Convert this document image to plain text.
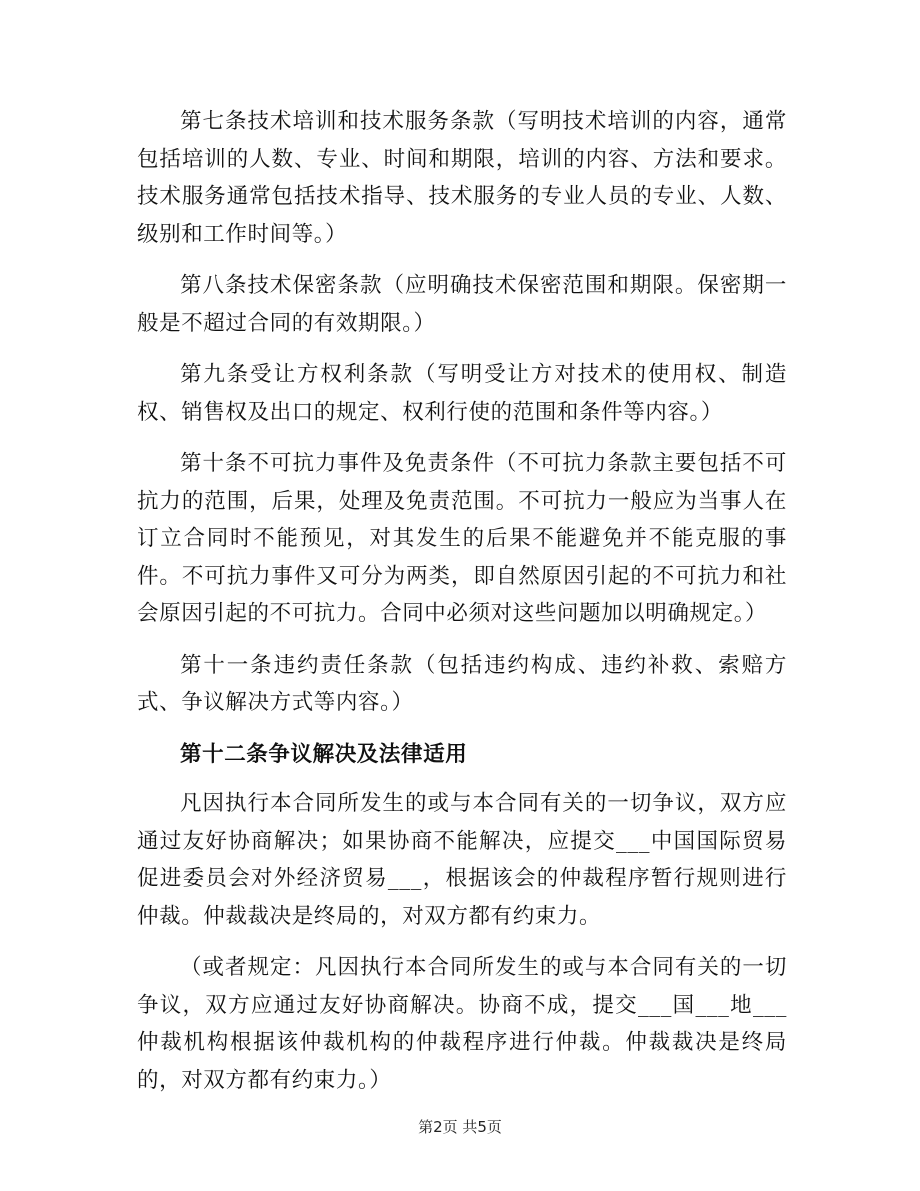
第七条技术培训和技术服务条款（写明技术培训的内容，通常包括培训的人数、专业、时间和期限，培训的内容、方法和要求。技术服务通常包括技术指导、技术服务的专业人员的专业、人数、级别和工作时间等。）

第八条技术保密条款（应明确技术保密范围和期限。保密期一般是不超过合同的有效期限。）

第九条受让方权利条款（写明受让方对技术的使用权、制造权、销售权及出口的规定、权利行使的范围和条件等内容。）

第十条不可抗力事件及免责条件（不可抗力条款主要包括不可抗力的范围，后果，处理及免责范围。不可抗力一般应为当事人在订立合同时不能预见，对其发生的后果不能避免并不能克服的事件。不可抗力事件又可分为两类，即自然原因引起的不可抗力和社会原因引起的不可抗力。合同中必须对这些问题加以明确规定。）

第十一条违约责任条款（包括违约构成、违约补救、索赔方式、争议解决方式等内容。）

第十二条争议解决及法律适用

凡因执行本合同所发生的或与本合同有关的一切争议，双方应通过友好协商解决；如果协商不能解决，应提交___中国国际贸易促进委员会对外经济贸易___，根据该会的仲裁程序暂行规则进行仲裁。仲裁裁决是终局的，对双方都有约束力。

（或者规定：凡因执行本合同所发生的或与本合同有关的一切争议，双方应通过友好协商解决。协商不成，提交___国___地___仲裁机构根据该仲裁机构的仲裁程序进行仲裁。仲裁裁决是终局的，对双方都有约束力。）

第2页 共5页
